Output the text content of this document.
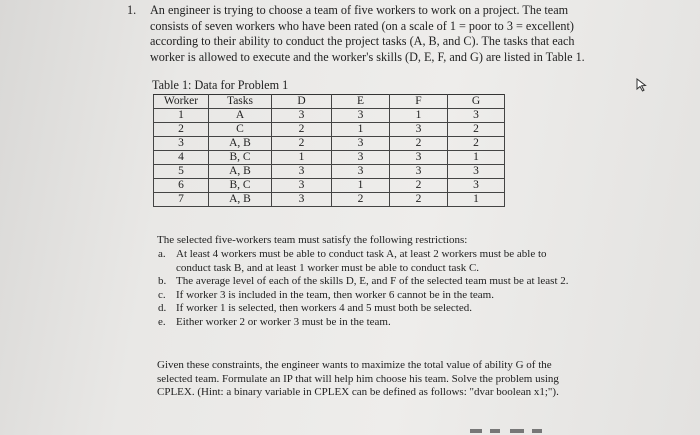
1. An engineer is trying to choose a team of five workers to work on a project. The team consists of seven workers who have been rated (on a scale of 1 = poor to 3 = excellent) according to their ability to conduct the project tasks (A, B, and C). The tasks that each worker is allowed to execute and the worker's skills (D, E, F, and G) are listed in Table 1.
Table 1: Data for Problem 1
Worker	Tasks	D	E	F	G
1	A	3	3	1	3
2	C	2	1	3	2
3	A, B	2	3	2	2
4	B, C	1	3	3	1
5	A, B	3	3	3	3
6	B, C	3	1	2	3
7	A, B	3	2	2	1
The selected five-workers team must satisfy the following restrictions:
a. At least 4 workers must be able to conduct task A, at least 2 workers must be able to conduct task B, and at least 1 worker must be able to conduct task C.
b. The average level of each of the skills D, E, and F of the selected team must be at least 2.
c. If worker 3 is included in the team, then worker 6 cannot be in the team.
d. If worker 1 is selected, then workers 4 and 5 must both be selected.
e. Either worker 2 or worker 3 must be in the team.
Given these constraints, the engineer wants to maximize the total value of ability G of the selected team. Formulate an IP that will help him choose his team. Solve the problem using CPLEX. (Hint: a binary variable in CPLEX can be defined as follows: "dvar boolean x1;").
